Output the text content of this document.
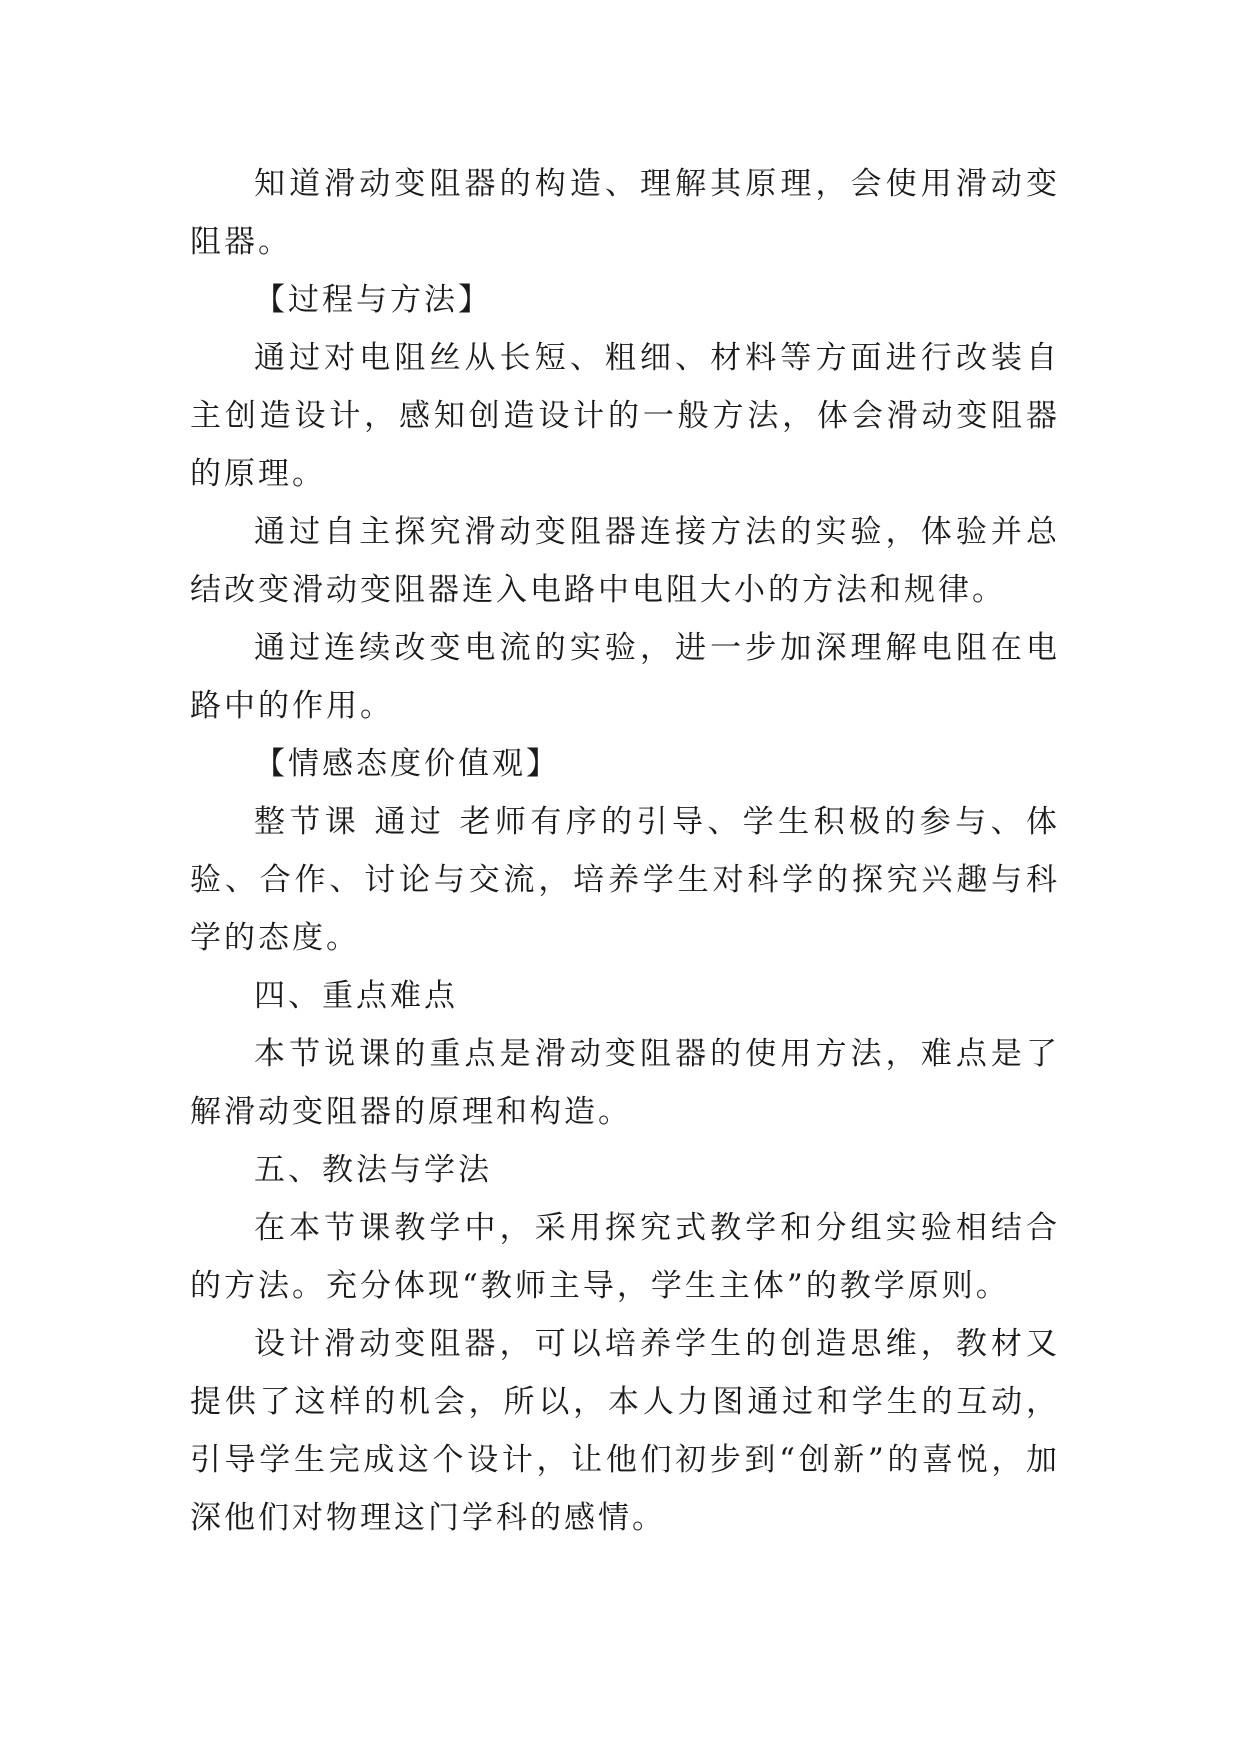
知道滑动变阻器的构造、理解其原理，会使用滑动变阻器。

【过程与方法】

通过对电阻丝从长短、粗细、材料等方面进行改装自主创造设计，感知创造设计的一般方法，体会滑动变阻器的原理。

通过自主探究滑动变阻器连接方法的实验，体验并总结改变滑动变阻器连入电路中电阻大小的方法和规律。

通过连续改变电流的实验，进一步加深理解电阻在电路中的作用。

【情感态度价值观】

整节课 通过 老师有序的引导、学生积极的参与、体验、合作、讨论与交流，培养学生对科学的探究兴趣与科学的态度。

四、重点难点

本节说课的重点是滑动变阻器的使用方法，难点是了解滑动变阻器的原理和构造。

五、教法与学法

在本节课教学中，采用探究式教学和分组实验相结合的方法。充分体现“教师主导，学生主体”的教学原则。

设计滑动变阻器，可以培养学生的创造思维，教材又提供了这样的机会，所以，本人力图通过和学生的互动，引导学生完成这个设计，让他们初步到“创新”的喜悦，加深他们对物理这门学科的感情。
